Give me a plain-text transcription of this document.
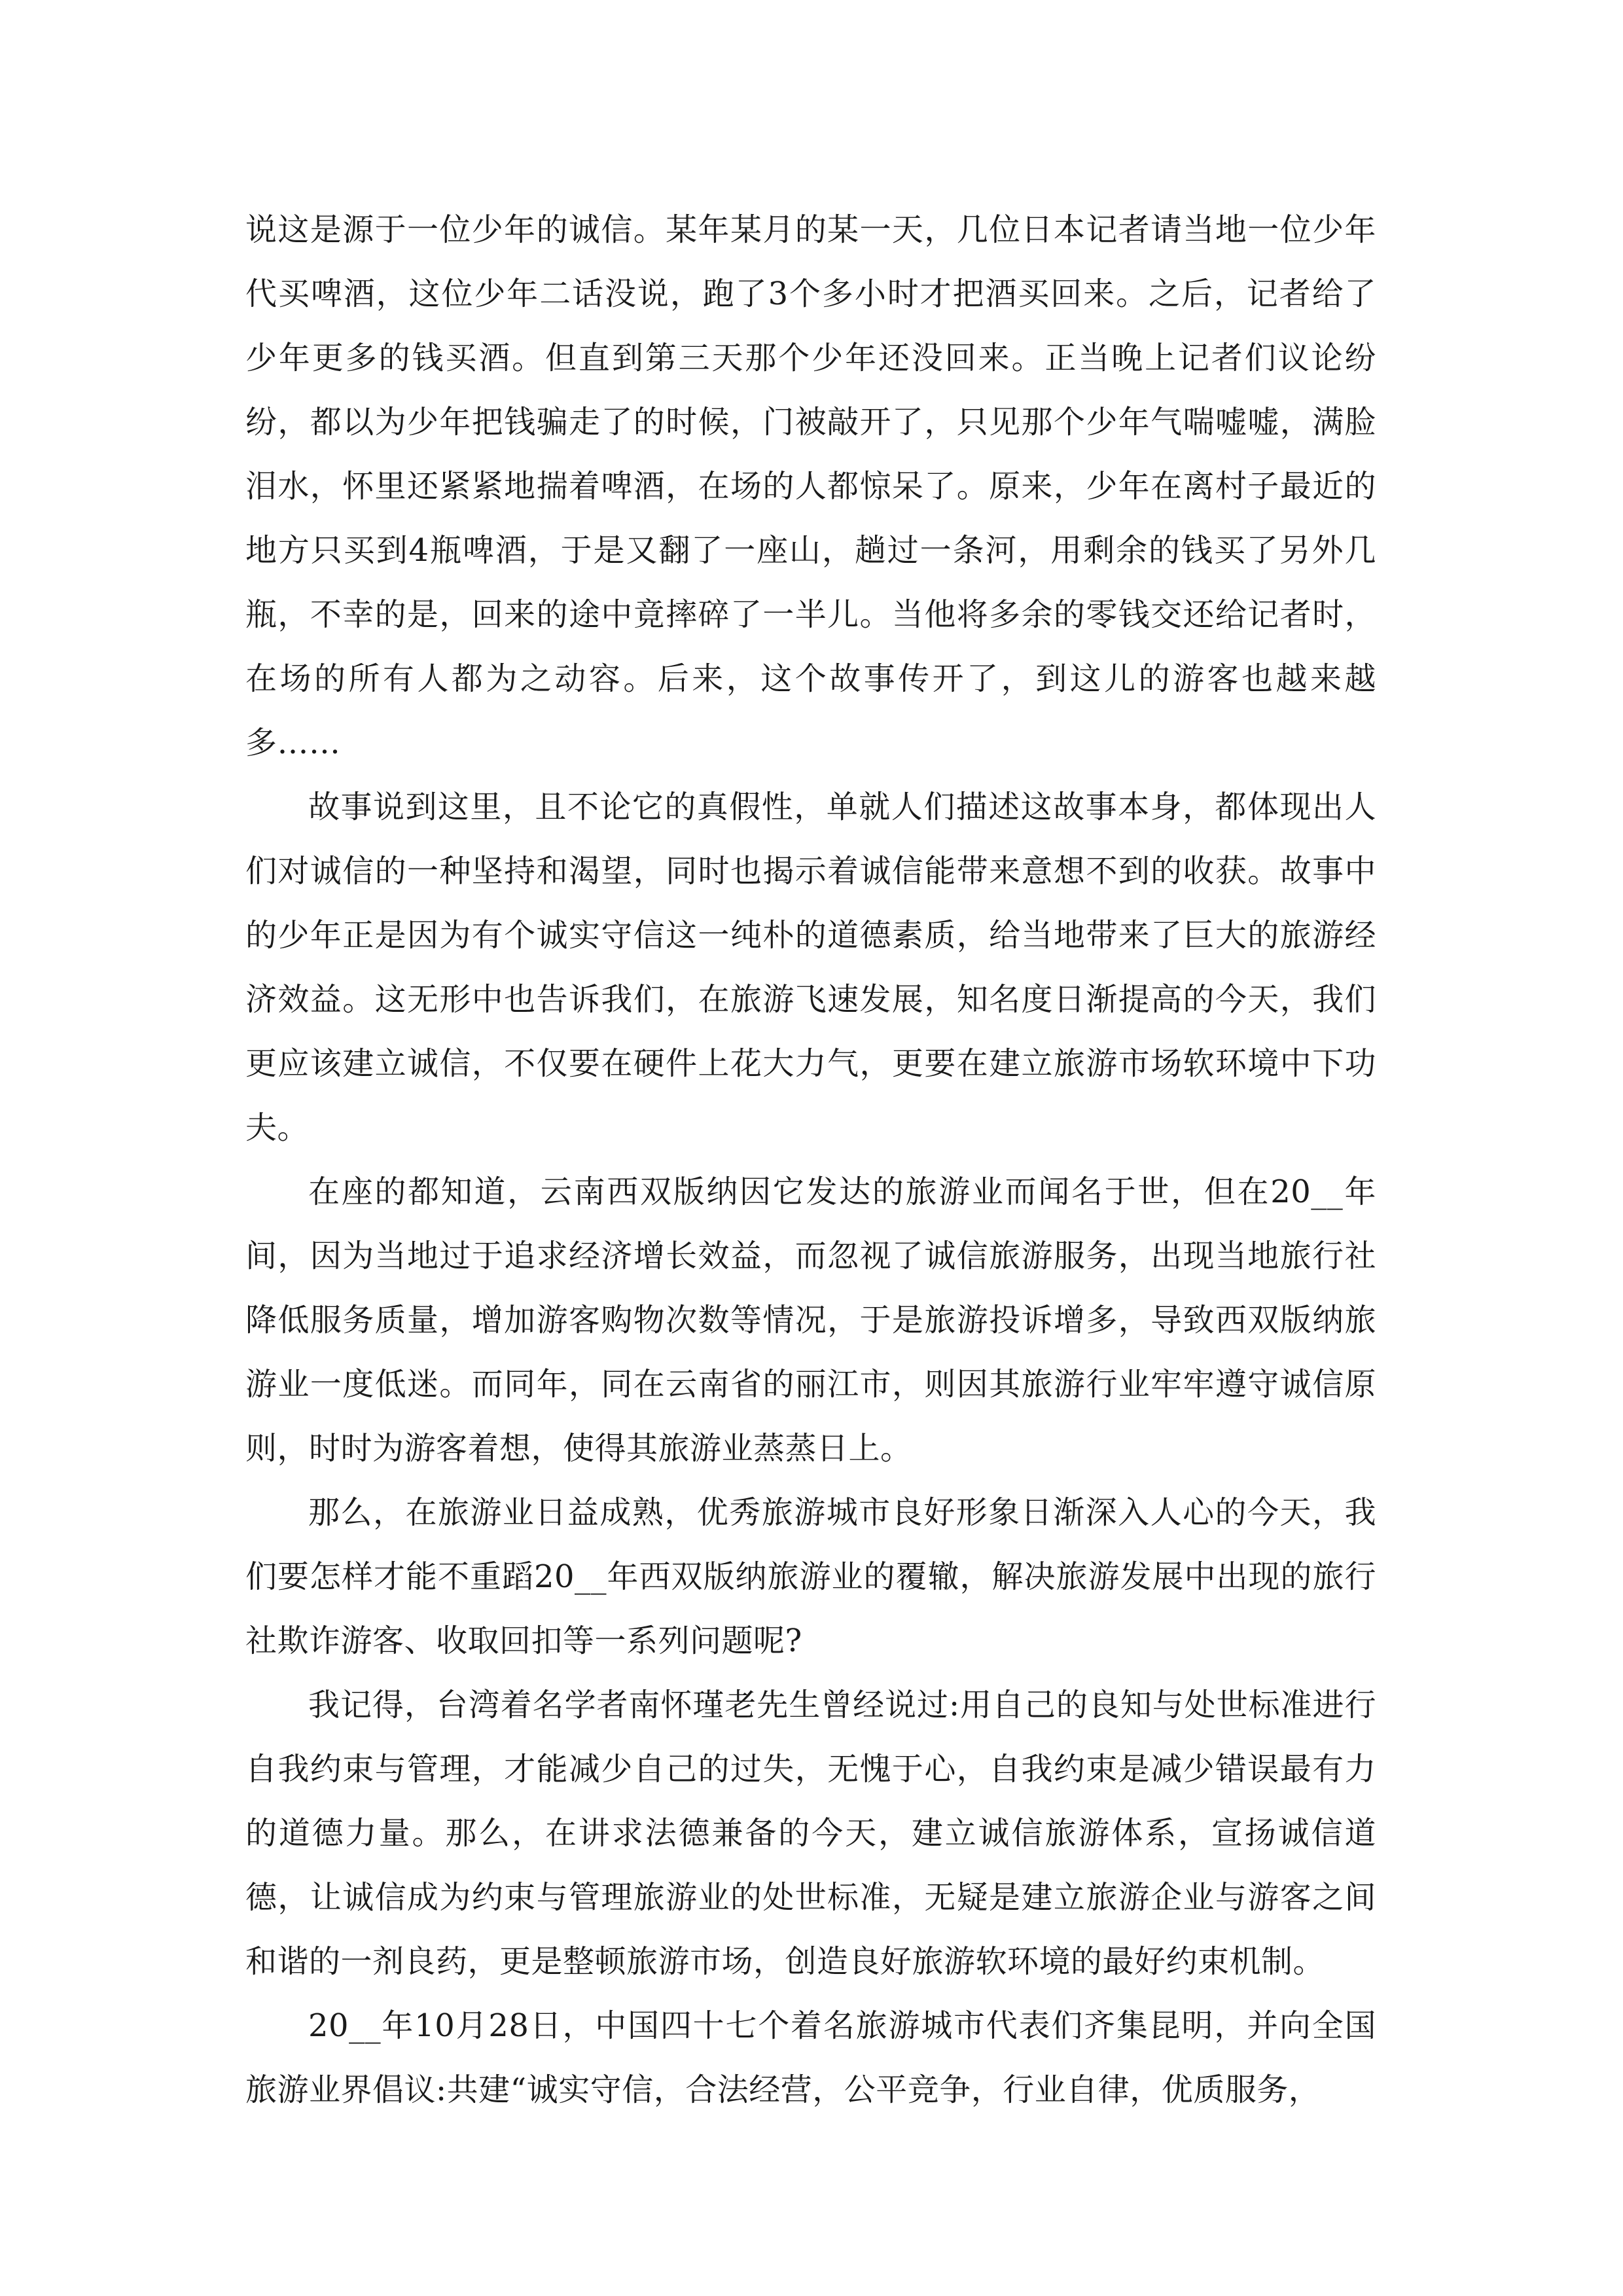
说这是源于一位少年的诚信。某年某月的某一天，几位日本记者请当地一位少年代买啤酒，这位少年二话没说，跑了3个多小时才把酒买回来。之后，记者给了少年更多的钱买酒。但直到第三天那个少年还没回来。正当晚上记者们议论纷纷，都以为少年把钱骗走了的时候，门被敲开了，只见那个少年气喘嘘嘘，满脸泪水，怀里还紧紧地揣着啤酒，在场的人都惊呆了。原来，少年在离村子最近的地方只买到4瓶啤酒，于是又翻了一座山，趟过一条河，用剩余的钱买了另外几瓶，不幸的是，回来的途中竟摔碎了一半儿。当他将多余的零钱交还给记者时，在场的所有人都为之动容。后来，这个故事传开了，到这儿的游客也越来越多……

故事说到这里，且不论它的真假性，单就人们描述这故事本身，都体现出人们对诚信的一种坚持和渴望，同时也揭示着诚信能带来意想不到的收获。故事中的少年正是因为有个诚实守信这一纯朴的道德素质，给当地带来了巨大的旅游经济效益。这无形中也告诉我们，在旅游飞速发展，知名度日渐提高的今天，我们更应该建立诚信，不仅要在硬件上花大力气，更要在建立旅游市场软环境中下功夫。

在座的都知道，云南西双版纳因它发达的旅游业而闻名于世，但在20__年间，因为当地过于追求经济增长效益，而忽视了诚信旅游服务，出现当地旅行社降低服务质量，增加游客购物次数等情况，于是旅游投诉增多，导致西双版纳旅游业一度低迷。而同年，同在云南省的丽江市，则因其旅游行业牢牢遵守诚信原则，时时为游客着想，使得其旅游业蒸蒸日上。

那么，在旅游业日益成熟，优秀旅游城市良好形象日渐深入人心的今天，我们要怎样才能不重蹈20__年西双版纳旅游业的覆辙，解决旅游发展中出现的旅行社欺诈游客、收取回扣等一系列问题呢?

我记得，台湾着名学者南怀瑾老先生曾经说过:用自己的良知与处世标准进行自我约束与管理，才能减少自己的过失，无愧于心，自我约束是减少错误最有力的道德力量。那么，在讲求法德兼备的今天，建立诚信旅游体系，宣扬诚信道德，让诚信成为约束与管理旅游业的处世标准，无疑是建立旅游企业与游客之间和谐的一剂良药，更是整顿旅游市场，创造良好旅游软环境的最好约束机制。

20__年10月28日，中国四十七个着名旅游城市代表们齐集昆明，并向全国旅游业界倡议:共建“诚实守信，合法经营，公平竞争，行业自律，优质服务，
